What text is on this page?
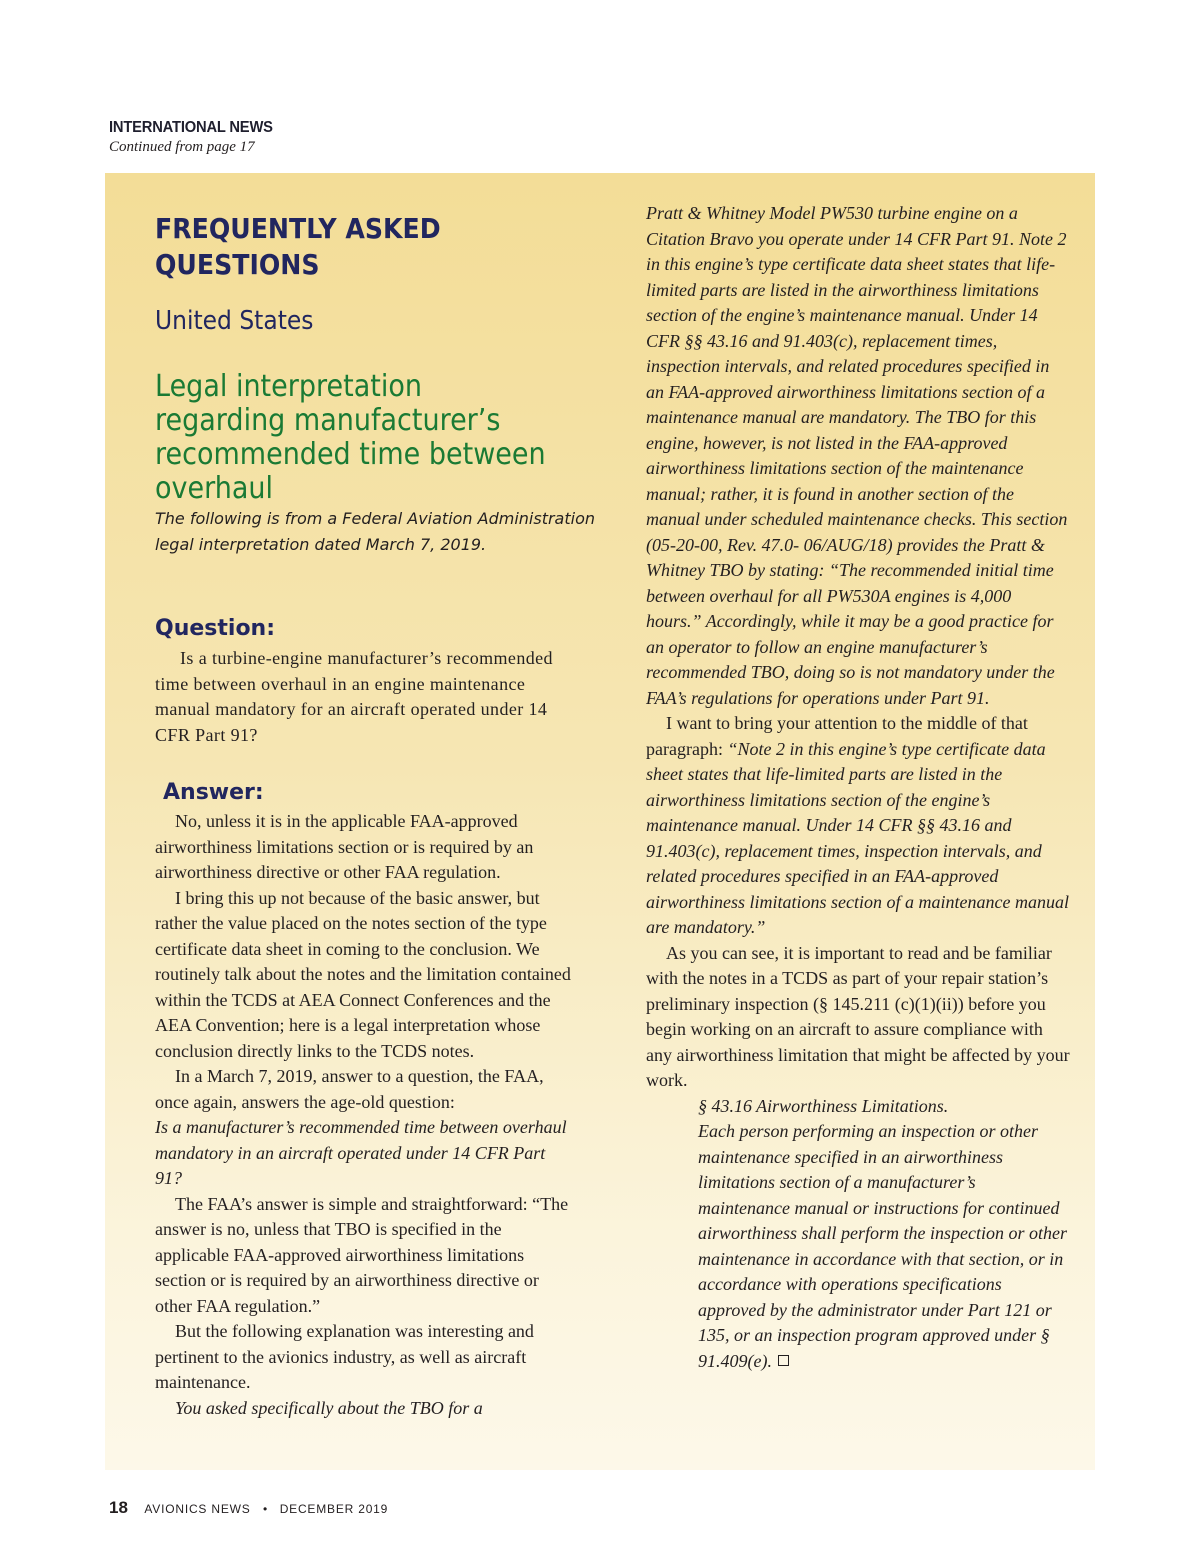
INTERNATIONAL NEWS
Continued from page 17
FREQUENTLY ASKED QUESTIONS
United States
Legal interpretation regarding manufacturer’s recommended time between overhaul
The following is from a Federal Aviation Administration legal interpretation dated March 7, 2019.
Question:
Is a turbine-engine manufacturer’s recommended time between overhaul in an engine maintenance manual mandatory for an aircraft operated under 14 CFR Part 91?
Answer:

No, unless it is in the applicable FAA-approved airworthiness limitations section or is required by an airworthiness directive or other FAA regulation.

I bring this up not because of the basic answer, but rather the value placed on the notes section of the type certificate data sheet in coming to the conclusion. We routinely talk about the notes and the limitation contained within the TCDS at AEA Connect Conferences and the AEA Convention; here is a legal interpretation whose conclusion directly links to the TCDS notes.

In a March 7, 2019, answer to a question, the FAA, once again, answers the age-old question:

Is a manufacturer’s recommended time between overhaul mandatory in an aircraft operated under 14 CFR Part 91?

The FAA’s answer is simple and straightforward: “The answer is no, unless that TBO is specified in the applicable FAA-approved airworthiness limitations section or is required by an airworthiness directive or other FAA regulation.”

But the following explanation was interesting and pertinent to the avionics industry, as well as aircraft maintenance.

You asked specifically about the TBO for a

Pratt & Whitney Model PW530 turbine engine on a Citation Bravo you operate under 14 CFR Part 91. Note 2 in this engine’s type certificate data sheet states that life-limited parts are listed in the airworthiness limitations section of the engine’s maintenance manual. Under 14 CFR §§ 43.16 and 91.403(c), replacement times, inspection intervals, and related procedures specified in an FAA-approved airworthiness limitations section of a maintenance manual are mandatory. The TBO for this engine, however, is not listed in the FAA-approved airworthiness limitations section of the maintenance manual; rather, it is found in another section of the manual under scheduled maintenance checks. This section (05-20-00, Rev. 47.0- 06/AUG/18) provides the Pratt & Whitney TBO by stating: “The recommended initial time between overhaul for all PW530A engines is 4,000 hours.” Accordingly, while it may be a good practice for an operator to follow an engine manufacturer’s recommended TBO, doing so is not mandatory under the FAA’s regulations for operations under Part 91.

I want to bring your attention to the middle of that paragraph: “Note 2 in this engine’s type certificate data sheet states that life-limited parts are listed in the airworthiness limitations section of the engine’s maintenance manual. Under 14 CFR §§ 43.16 and 91.403(c), replacement times, inspection intervals, and related procedures specified in an FAA-approved airworthiness limitations section of a maintenance manual are mandatory.”

As you can see, it is important to read and be familiar with the notes in a TCDS as part of your repair station’s preliminary inspection (§ 145.211 (c)(1)(ii)) before you begin working on an aircraft to assure compliance with any airworthiness limitation that might be affected by your work.

§ 43.16 Airworthiness Limitations.
Each person performing an inspection or other maintenance specified in an airworthiness limitations section of a manufacturer’s maintenance manual or instructions for continued airworthiness shall perform the inspection or other maintenance in accordance with that section, or in accordance with operations specifications approved by the administrator under Part 121 or 135, or an inspection program approved under § 91.409(e).
18 AVIONICS NEWS • DECEMBER 2019
